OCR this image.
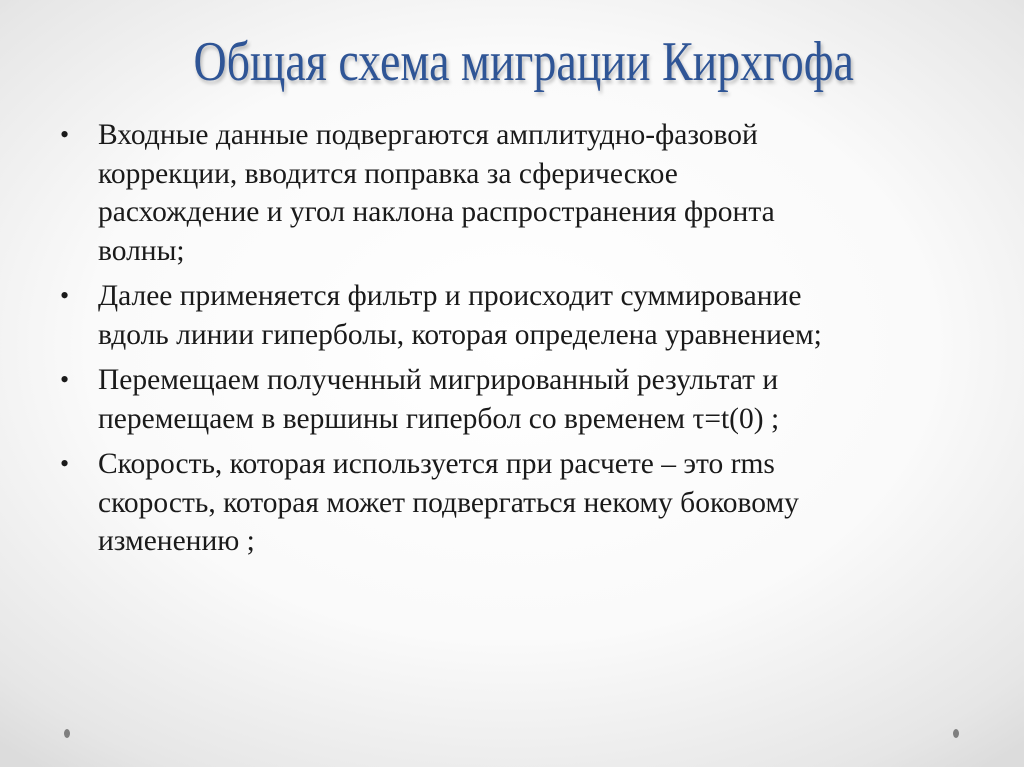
Общая схема миграции Кирхгофа
• Входные данные подвергаются амплитудно-фазовой
коррекции, вводится поправка за сферическое
расхождение и угол наклона распространения фронта
волны;
• Далее применяется фильтр и происходит суммирование
вдоль линии гиперболы, которая определена уравнением;
• Перемещаем полученный мигрированный результат и
перемещаем в вершины гипербол со временем τ=t(0) ;
• Скорость, которая используется при расчете – это rms
скорость, которая может подвергаться некому боковому
изменению ;
